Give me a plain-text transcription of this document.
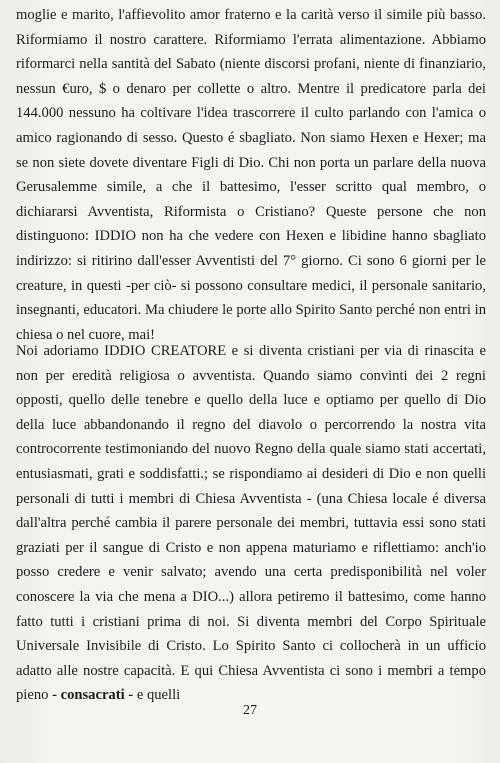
moglie e marito, l'affievolito amor fraterno e la carità verso il simile più basso. Riformiamo il nostro carattere. Riformiamo l'errata alimentazione. Abbiamo riformarci nella santità del Sabato (niente discorsi profani, niente di finanziario, nessun €uro, $ o denaro per collette o altro. Mentre il predicatore parla dei 144.000 nessuno ha coltivare l'idea trascorrere il culto parlando con l'amica o amico ragionando di sesso. Questo é sbagliato. Non siamo Hexen e Hexer; ma se non siete dovete diventare Figli di Dio. Chi non porta un parlare della nuova Gerusalemme simile, a che il battesimo, l'esser scritto qual membro, o dichiararsi Avventista, Riformista o Cristiano? Queste persone che non distinguono: IDDIO non ha che vedere con Hexen e libidine hanno sbagliato indirizzo: si ritirino dall'esser Avventisti del 7° giorno. Ci sono 6 giorni per le creature, in questi -per ciò- si possono consultare medici, il personale sanitario, insegnanti, educatori. Ma chiudere le porte allo Spirito Santo perché non entri in chiesa o nel cuore, mai!

Noi adoriamo IDDIO CREATORE e si diventa cristiani per via di rinascita e non per eredità religiosa o avventista. Quando siamo convinti dei 2 regni opposti, quello delle tenebre e quello della luce e optiamo per quello di Dio della luce abbandonando il regno del diavolo o percorrendo la nostra vita controcorrente testimoniando del nuovo Regno della quale siamo stati accertati, entusiasmati, grati e soddisfatti.; se rispondiamo ai desideri di Dio e non quelli personali di tutti i membri di Chiesa Avventista - (una Chiesa locale é diversa dall'altra perché cambia il parere personale dei membri, tuttavia essi sono stati graziati per il sangue di Cristo e non appena maturiamo e riflettiamo: anch'io posso credere e venir salvato; avendo una certa predisponibilità nel voler conoscere la via che mena a DIO...) allora petiremo il battesimo, come hanno fatto tutti i cristiani prima di noi. Si diventa membri del Corpo Spirituale Universale Invisibile di Cristo. Lo Spirito Santo ci collocherà in un ufficio adatto alle nostre capacità. E qui Chiesa Avventista ci sono i membri a tempo pieno - consacrati - e quelli

27
